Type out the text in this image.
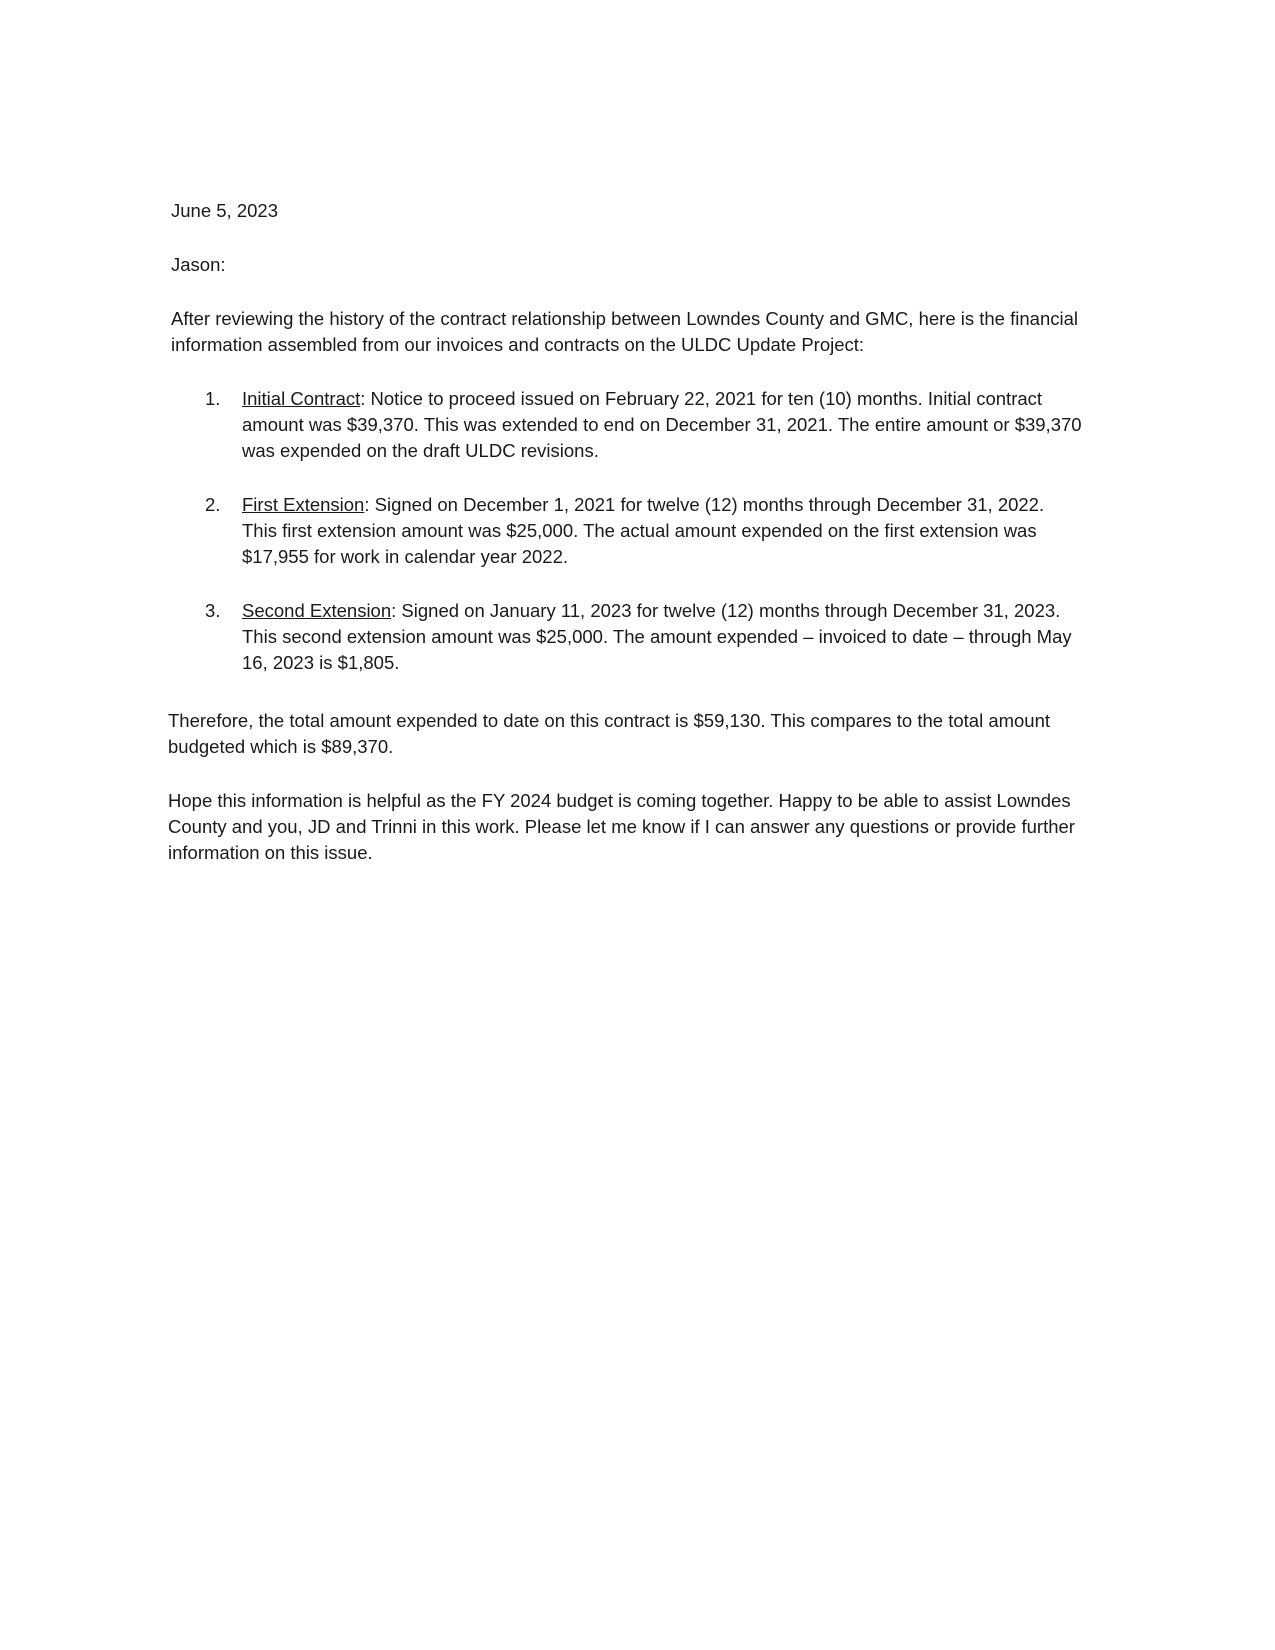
June 5, 2023
Jason:

After reviewing the history of the contract relationship between Lowndes County and GMC, here is the financial information assembled from our invoices and contracts on the ULDC Update Project:

1. Initial Contract: Notice to proceed issued on February 22, 2021 for ten (10) months. Initial contract amount was $39,370. This was extended to end on December 31, 2021. The entire amount or $39,370 was expended on the draft ULDC revisions.
2. First Extension: Signed on December 1, 2021 for twelve (12) months through December 31, 2022. This first extension amount was $25,000. The actual amount expended on the first extension was $17,955 for work in calendar year 2022.
3. Second Extension: Signed on January 11, 2023 for twelve (12) months through December 31, 2023. This second extension amount was $25,000. The amount expended – invoiced to date – through May 16, 2023 is $1,805.

Therefore, the total amount expended to date on this contract is $59,130. This compares to the total amount budgeted which is $89,370.

Hope this information is helpful as the FY 2024 budget is coming together. Happy to be able to assist Lowndes County and you, JD and Trinni in this work. Please let me know if I can answer any questions or provide further information on this issue.
